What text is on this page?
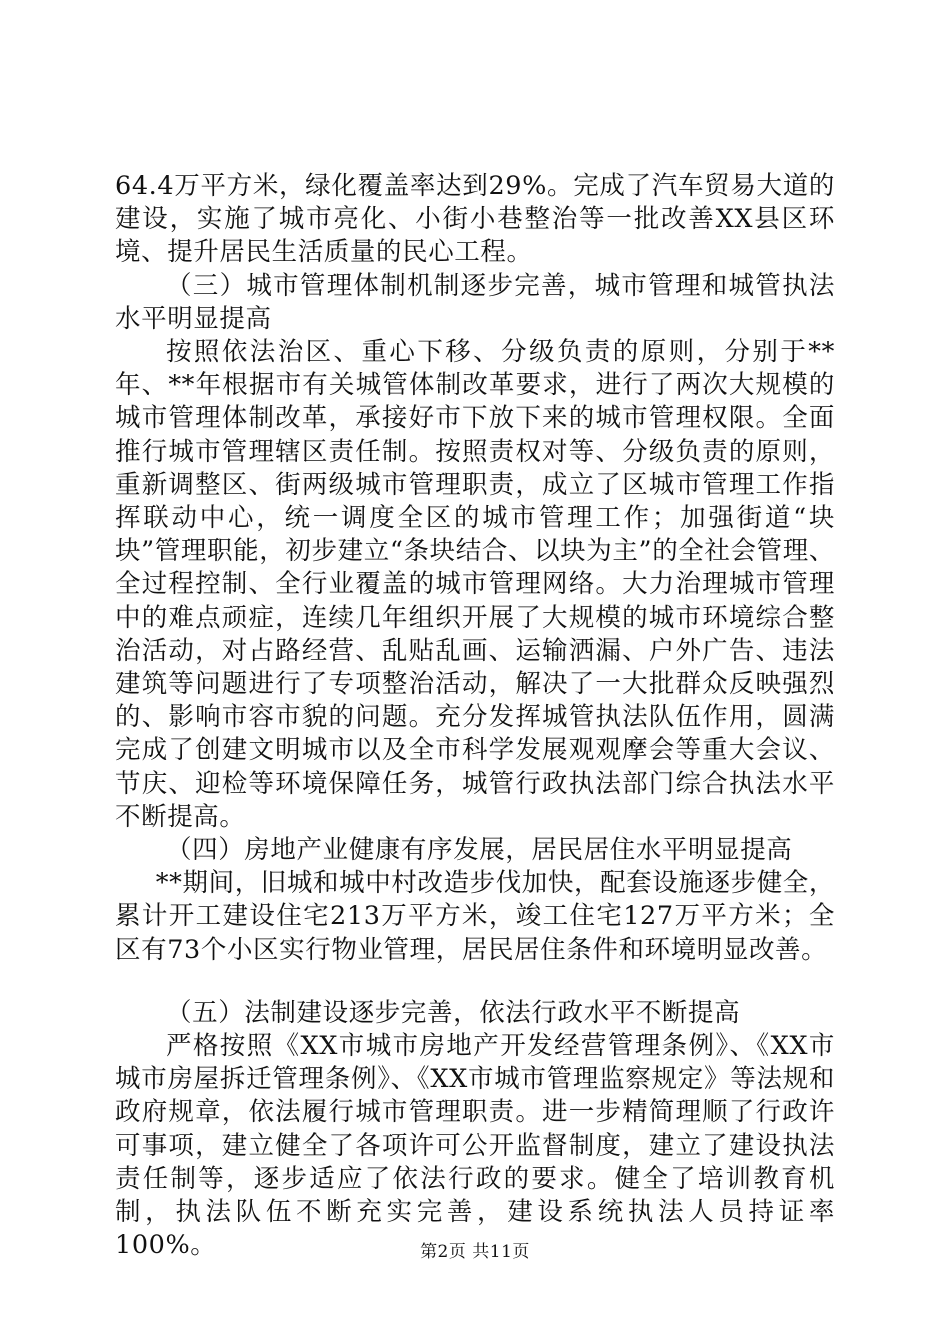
64.4万平方米，绿化覆盖率达到29%。完成了汽车贸易大道的建设，实施了城市亮化、小街小巷整治等一批改善XX县区环境、提升居民生活质量的民心工程。

（三）城市管理体制机制逐步完善，城市管理和城管执法水平明显提高

按照依法治区、重心下移、分级负责的原则，分别于**年、**年根据市有关城管体制改革要求，进行了两次大规模的城市管理体制改革，承接好市下放下来的城市管理权限。全面推行城市管理辖区责任制。按照责权对等、分级负责的原则，重新调整区、街两级城市管理职责，成立了区城市管理工作指挥联动中心，统一调度全区的城市管理工作；加强街道“块块”管理职能，初步建立“条块结合、以块为主”的全社会管理、全过程控制、全行业覆盖的城市管理网络。大力治理城市管理中的难点顽症，连续几年组织开展了大规模的城市环境综合整治活动，对占路经营、乱贴乱画、运输洒漏、户外广告、违法建筑等问题进行了专项整治活动，解决了一大批群众反映强烈的、影响市容市貌的问题。充分发挥城管执法队伍作用，圆满完成了创建文明城市以及全市科学发展观观摩会等重大会议、节庆、迎检等环境保障任务，城管行政执法部门综合执法水平不断提高。

（四）房地产业健康有序发展，居民居住水平明显提高

**期间，旧城和城中村改造步伐加快，配套设施逐步健全，累计开工建设住宅213万平方米，竣工住宅127万平方米；全区有73个小区实行物业管理，居民居住条件和环境明显改善。

（五）法制建设逐步完善，依法行政水平不断提高

严格按照《XX市城市房地产开发经营管理条例》、《XX市城市房屋拆迁管理条例》、《XX市城市管理监察规定》等法规和政府规章，依法履行城市管理职责。进一步精简理顺了行政许可事项，建立健全了各项许可公开监督制度，建立了建设执法责任制等，逐步适应了依法行政的要求。健全了培训教育机制，执法队伍不断充实完善，建设系统执法人员持证率100%。	第2页 共11页
